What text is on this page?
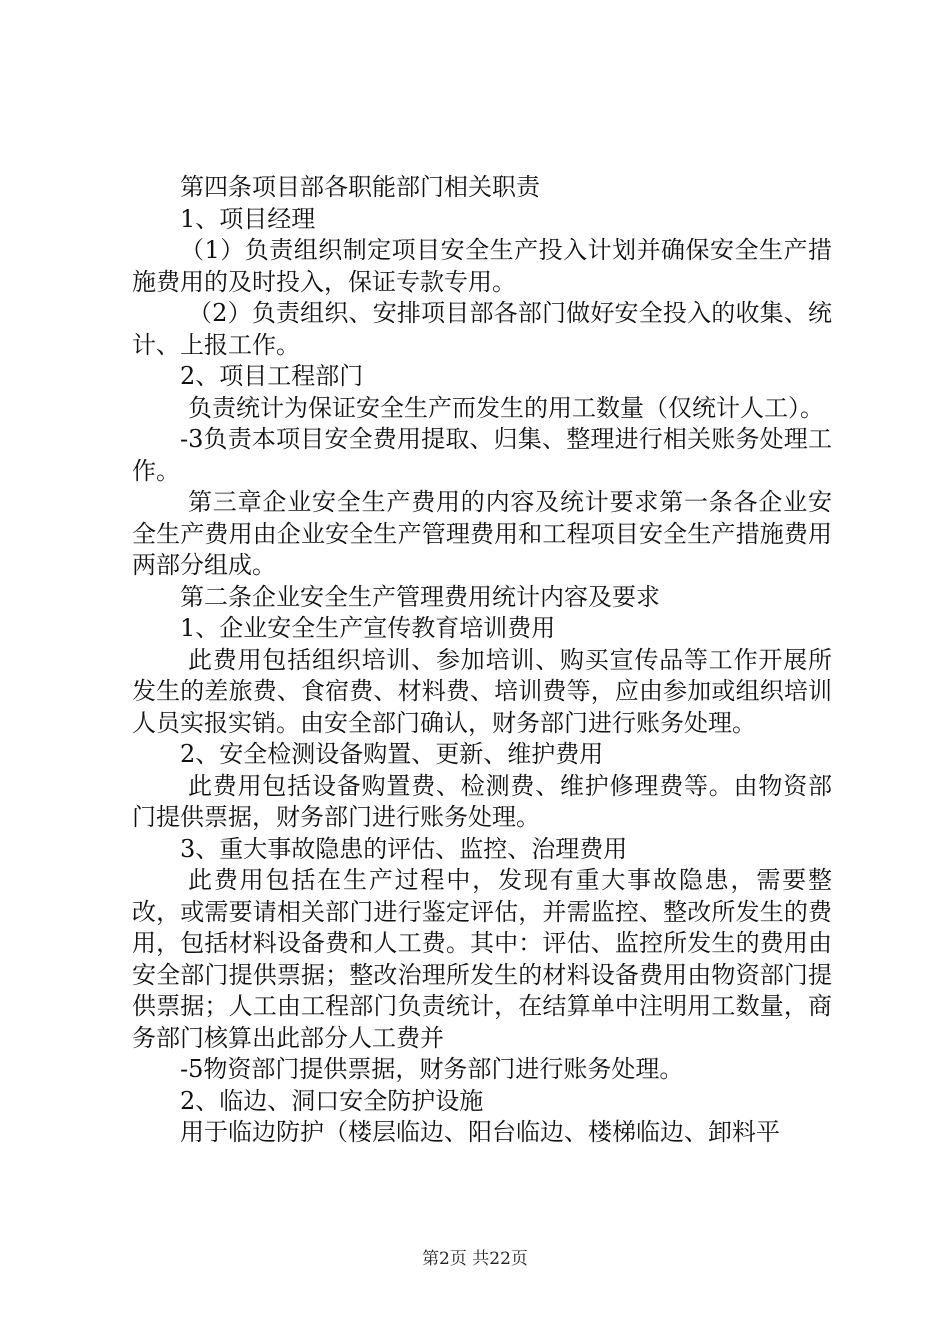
第四条项目部各职能部门相关职责

1、项目经理

（1）负责组织制定项目安全生产投入计划并确保安全生产措施费用的及时投入，保证专款专用。

（2）负责组织、安排项目部各部门做好安全投入的收集、统计、上报工作。

2、项目工程部门

负责统计为保证安全生产而发生的用工数量（仅统计人工）。

-3负责本项目安全费用提取、归集、整理进行相关账务处理工作。

第三章企业安全生产费用的内容及统计要求第一条各企业安全生产费用由企业安全生产管理费用和工程项目安全生产措施费用两部分组成。

第二条企业安全生产管理费用统计内容及要求

1、企业安全生产宣传教育培训费用

此费用包括组织培训、参加培训、购买宣传品等工作开展所发生的差旅费、食宿费、材料费、培训费等，应由参加或组织培训人员实报实销。由安全部门确认，财务部门进行账务处理。

2、安全检测设备购置、更新、维护费用

此费用包括设备购置费、检测费、维护修理费等。由物资部门提供票据，财务部门进行账务处理。

3、重大事故隐患的评估、监控、治理费用

此费用包括在生产过程中，发现有重大事故隐患，需要整改，或需要请相关部门进行鉴定评估，并需监控、整改所发生的费用，包括材料设备费和人工费。其中：评估、监控所发生的费用由安全部门提供票据；整改治理所发生的材料设备费用由物资部门提供票据；人工由工程部门负责统计，在结算单中注明用工数量，商务部门核算出此部分人工费并

-5物资部门提供票据，财务部门进行账务处理。

2、临边、洞口安全防护设施

用于临边防护（楼层临边、阳台临边、楼梯临边、卸料平

第2页 共22页
